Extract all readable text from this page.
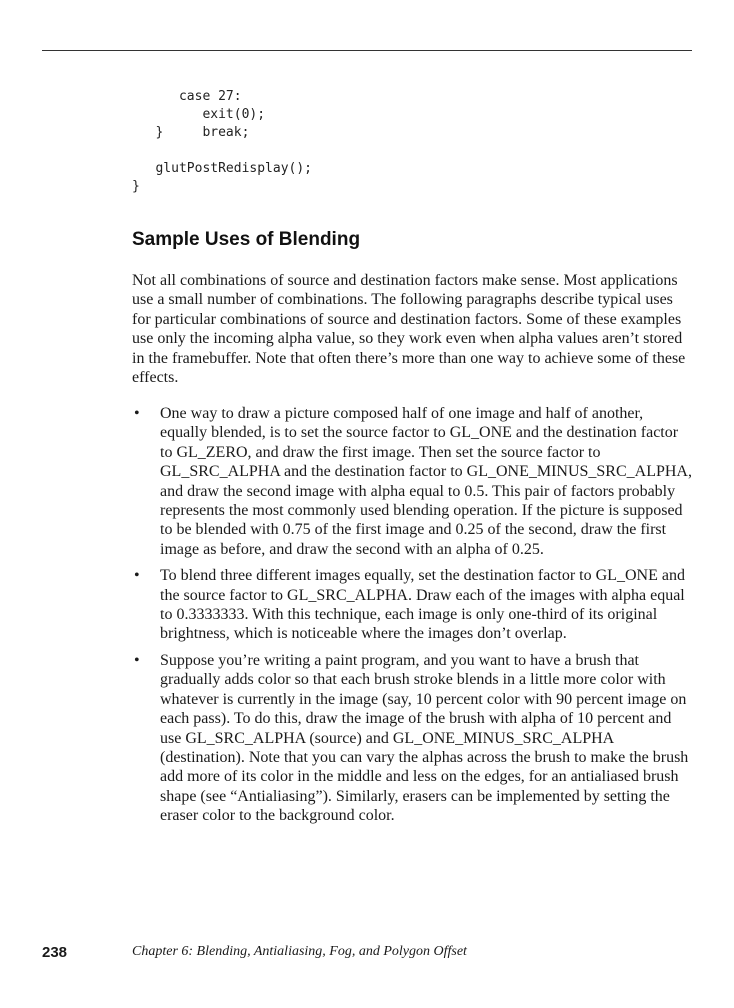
case 27:
exit(0);
}     break;

glutPostRedisplay();
}
Sample Uses of Blending

Not all combinations of source and destination factors make sense. Most applications use a small number of combinations. The following paragraphs describe typical uses for particular combinations of source and destination factors. Some of these examples use only the incoming alpha value, so they work even when alpha values aren’t stored in the framebuffer. Note that often there’s more than one way to achieve some of these effects.

• One way to draw a picture composed half of one image and half of another, equally blended, is to set the source factor to GL_ONE and the destination factor to GL_ZERO, and draw the first image. Then set the source factor to GL_SRC_ALPHA and the destination factor to GL_ONE_MINUS_SRC_ALPHA, and draw the second image with alpha equal to 0.5. This pair of factors probably represents the most commonly used blending operation. If the picture is supposed to be blended with 0.75 of the first image and 0.25 of the second, draw the first image as before, and draw the second with an alpha of 0.25.
• To blend three different images equally, set the destination factor to GL_ONE and the source factor to GL_SRC_ALPHA. Draw each of the images with alpha equal to 0.3333333. With this technique, each image is only one-third of its original brightness, which is noticeable where the images don’t overlap.
• Suppose you’re writing a paint program, and you want to have a brush that gradually adds color so that each brush stroke blends in a little more color with whatever is currently in the image (say, 10 percent color with 90 percent image on each pass). To do this, draw the image of the brush with alpha of 10 percent and use GL_SRC_ALPHA (source) and GL_ONE_MINUS_SRC_ALPHA (destination). Note that you can vary the alphas across the brush to make the brush add more of its color in the middle and less on the edges, for an antialiased brush shape (see “Antialiasing”). Similarly, erasers can be implemented by setting the eraser color to the background color.
238	Chapter 6: Blending, Antialiasing, Fog, and Polygon Offset
